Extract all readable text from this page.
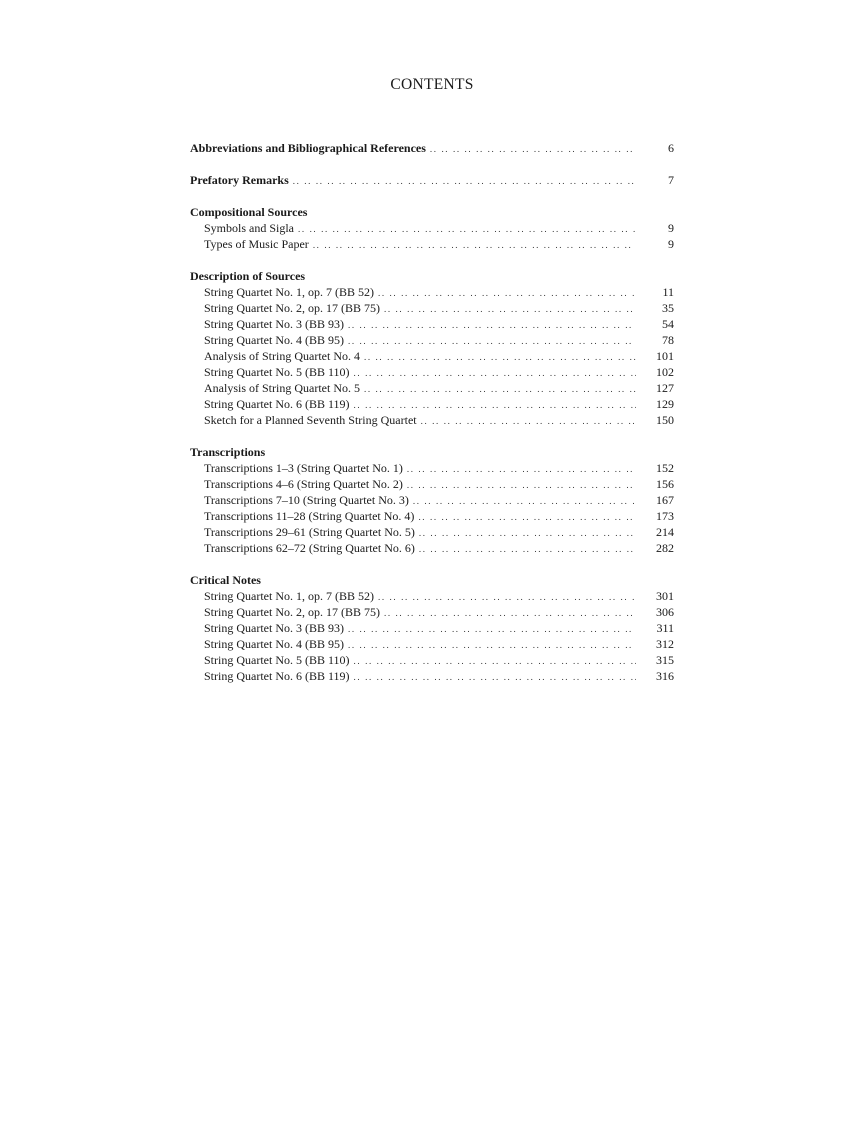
CONTENTS
Abbreviations and Bibliographical References .. ..	6
Prefatory Remarks .. ..	7
Compositional Sources
Symbols and Sigla .. ..	9
Types of Music Paper .. ..	9
Description of Sources
String Quartet No. 1, op. 7 (BB 52) .. ..	11
String Quartet No. 2, op. 17 (BB 75) .. ..	35
String Quartet No. 3 (BB 93) .. ..	54
String Quartet No. 4 (BB 95) .. ..	78
Analysis of String Quartet No. 4 .. ..	101
String Quartet No. 5 (BB 110) .. ..	102
Analysis of String Quartet No. 5 .. ..	127
String Quartet No. 6 (BB 119) .. ..	129
Sketch for a Planned Seventh String Quartet .. ..	150
Transcriptions
Transcriptions 1–3 (String Quartet No. 1) .. ..	152
Transcriptions 4–6 (String Quartet No. 2) .. ..	156
Transcriptions 7–10 (String Quartet No. 3) .. ..	167
Transcriptions 11–28 (String Quartet No. 4) .. ..	173
Transcriptions 29–61 (String Quartet No. 5) .. ..	214
Transcriptions 62–72 (String Quartet No. 6) .. ..	282
Critical Notes
String Quartet No. 1, op. 7 (BB 52) .. ..	301
String Quartet No. 2, op. 17 (BB 75) .. ..	306
String Quartet No. 3 (BB 93) .. ..	311
String Quartet No. 4 (BB 95) .. ..	312
String Quartet No. 5 (BB 110) .. ..	315
String Quartet No. 6 (BB 119) .. ..	316
